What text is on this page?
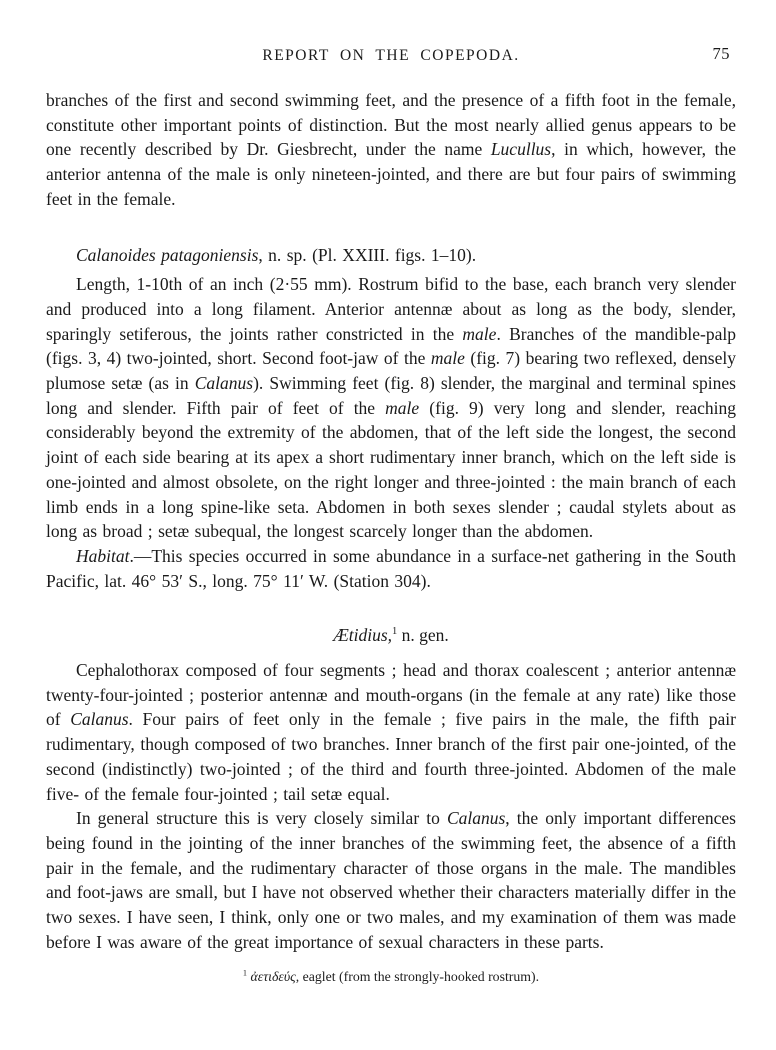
REPORT ON THE COPEPODA.	75

branches of the first and second swimming feet, and the presence of a fifth foot in the female, constitute other important points of distinction. But the most nearly allied genus appears to be one recently described by Dr. Giesbrecht, under the name Lucullus, in which, however, the anterior antenna of the male is only nineteen-jointed, and there are but four pairs of swimming feet in the female.

Calanoides patagoniensis, n. sp. (Pl. XXIII. figs. 1–10).

Length, 1-10th of an inch (2·55 mm). Rostrum bifid to the base, each branch very slender and produced into a long filament. Anterior antennæ about as long as the body, slender, sparingly setiferous, the joints rather constricted in the male. Branches of the mandible-palp (figs. 3, 4) two-jointed, short. Second foot-jaw of the male (fig. 7) bearing two reflexed, densely plumose setæ (as in Calanus). Swimming feet (fig. 8) slender, the marginal and terminal spines long and slender. Fifth pair of feet of the male (fig. 9) very long and slender, reaching considerably beyond the extremity of the abdomen, that of the left side the longest, the second joint of each side bearing at its apex a short rudimentary inner branch, which on the left side is one-jointed and almost obsolete, on the right longer and three-jointed : the main branch of each limb ends in a long spine-like seta. Abdomen in both sexes slender ; caudal stylets about as long as broad ; setæ subequal, the longest scarcely longer than the abdomen.

Habitat.—This species occurred in some abundance in a surface-net gathering in the South Pacific, lat. 46° 53′ S., long. 75° 11′ W. (Station 304).

Ætidius,$^1$ n. gen.

Cephalothorax composed of four segments ; head and thorax coalescent ; anterior antennæ twenty-four-jointed ; posterior antennæ and mouth-organs (in the female at any rate) like those of Calanus. Four pairs of feet only in the female ; five pairs in the male, the fifth pair rudimentary, though composed of two branches. Inner branch of the first pair one-jointed, of the second (indistinctly) two-jointed ; of the third and fourth three-jointed. Abdomen of the male five- of the female four-jointed ; tail setæ equal.

In general structure this is very closely similar to Calanus, the only important differences being found in the jointing of the inner branches of the swimming feet, the absence of a fifth pair in the female, and the rudimentary character of those organs in the male. The mandibles and foot-jaws are small, but I have not observed whether their characters materially differ in the two sexes. I have seen, I think, only one or two males, and my examination of them was made before I was aware of the great importance of sexual characters in these parts.

$^1$ ἀετιδεύς, eaglet (from the strongly-hooked rostrum).
